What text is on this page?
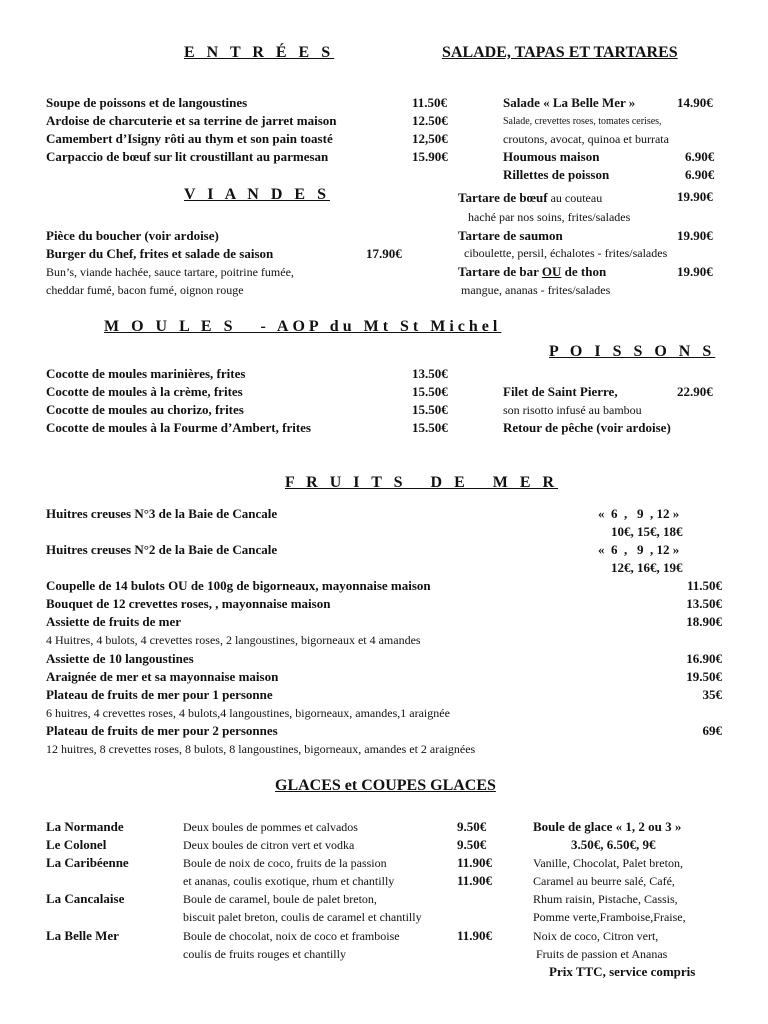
E N T R É E S	SALADE, TAPAS ET TARTARES
V I A N D E S
M O U L E S   - AOP du Mt St Michel
P O I S S O N S
F R U I T S   D E   M E R
GLACES et COUPES GLACES
Soupe de poissons et de langoustines	11.50€
Ardoise de charcuterie et sa terrine de jarret maison	12.50€
Camembert d’Isigny rôti au thym et son pain toasté	12,50€
Carpaccio de bœuf sur lit croustillant au parmesan	15.90€
Salade « La Belle Mer »	14.90€
Salade, crevettes roses, tomates cerises,
croutons, avocat, quinoa et burrata
Houmous maison	6.90€
Rillettes de poisson	6.90€
Tartare de bœuf au couteau	19.90€
haché par nos soins, frites/salades
Tartare de saumon	19.90€
ciboulette, persil, échalotes - frites/salades
Tartare de bar OU de thon	19.90€
mangue, ananas - frites/salades
Pièce du boucher (voir ardoise)
Burger du Chef, frites et salade de saison	17.90€
Bun’s, viande hachée, sauce tartare, poitrine fumée,
cheddar fumé, bacon fumé, oignon rouge
Cocotte de moules marinières, frites	13.50€
Cocotte de moules à la crème, frites	15.50€
Cocotte de moules au chorizo, frites	15.50€
Cocotte de moules à la Fourme d’Ambert, frites	15.50€
Filet de Saint Pierre,	22.90€
son risotto infusé au bambou
Retour de pêche (voir ardoise)
Huitres creuses N°3 de la Baie de Cancale	«  6  ,   9  , 12 »
10€, 15€, 18€
Huitres creuses N°2 de la Baie de Cancale	«  6  ,   9  , 12 »
12€, 16€, 19€
Coupelle de 14 bulots OU de 100g de bigorneaux, mayonnaise maison	11.50€
Bouquet de 12 crevettes roses, , mayonnaise maison	13.50€
Assiette de fruits de mer	18.90€
4 Huitres, 4 bulots, 4 crevettes roses, 2 langoustines, bigorneaux et 4 amandes
Assiette de 10 langoustines	16.90€
Araignée de mer et sa mayonnaise maison	19.50€
Plateau de fruits de mer pour 1 personne	35€
6 huitres, 4 crevettes roses, 4 bulots,4 langoustines, bigorneaux, amandes,1 araignée
Plateau de fruits de mer pour 2 personnes	69€
12 huitres, 8 crevettes roses, 8 bulots, 8 langoustines, bigorneaux, amandes et 2 araignées
La Normande	Deux boules de pommes et calvados	9.50€
Le Colonel	Deux boules de citron vert et vodka	9.50€
La Caribéenne	Boule de noix de coco, fruits de la passion	11.90€
et ananas, coulis exotique, rhum et chantilly	11.90€
La Cancalaise	Boule de caramel, boule de palet breton,
biscuit palet breton, coulis de caramel et chantilly
La Belle Mer	Boule de chocolat, noix de coco et framboise	11.90€
coulis de fruits rouges et chantilly
Boule de glace « 1, 2 ou 3 »
3.50€, 6.50€, 9€
Vanille, Chocolat, Palet breton,
Caramel au beurre salé, Café,
Rhum raisin, Pistache, Cassis,
Pomme verte,Framboise,Fraise,
Noix de coco, Citron vert,
Fruits de passion et Ananas
Prix TTC, service compris
